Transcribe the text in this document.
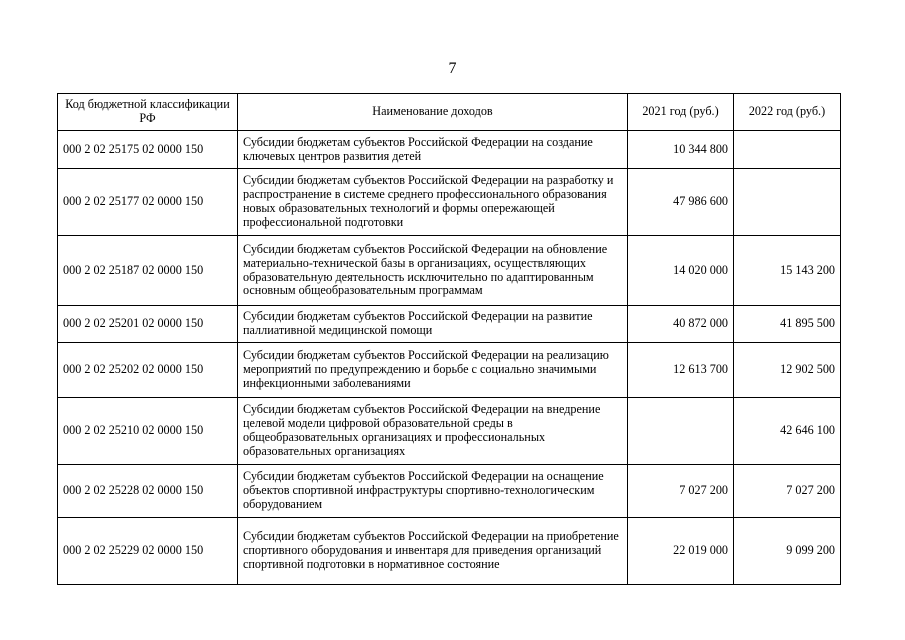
7
Код бюджетной классификации РФ	Наименование доходов	2021 год (руб.)	2022 год (руб.)
000 2 02 25175 02 0000 150	Субсидии бюджетам субъектов Российской Федерации на создание ключевых центров развития детей	10 344 800	
000 2 02 25177 02 0000 150	Субсидии бюджетам субъектов Российской Федерации на разработку и распространение в системе среднего профессионального образования новых образовательных технологий и формы опережающей профессиональной подготовки	47 986 600	
000 2 02 25187 02 0000 150	Субсидии бюджетам субъектов Российской Федерации на обновление материально-технической базы в организациях, осуществляющих образовательную деятельность исключительно по адаптированным основным общеобразовательным программам	14 020 000	15 143 200
000 2 02 25201 02 0000 150	Субсидии бюджетам субъектов Российской Федерации на развитие паллиативной медицинской помощи	40 872 000	41 895 500
000 2 02 25202 02 0000 150	Субсидии бюджетам субъектов Российской Федерации на реализацию мероприятий по предупреждению и борьбе с социально значимыми инфекционными заболеваниями	12 613 700	12 902 500
000 2 02 25210 02 0000 150	Субсидии бюджетам субъектов Российской Федерации на внедрение целевой модели цифровой образовательной среды в общеобразовательных организациях и профессиональных образовательных организациях		42 646 100
000 2 02 25228 02 0000 150	Субсидии бюджетам субъектов Российской Федерации на оснащение объектов спортивной инфраструктуры спортивно-технологическим оборудованием	7 027 200	7 027 200
000 2 02 25229 02 0000 150	Субсидии бюджетам субъектов Российской Федерации на приобретение спортивного оборудования и инвентаря для приведения организаций спортивной подготовки в нормативное состояние	22 019 000	9 099 200
